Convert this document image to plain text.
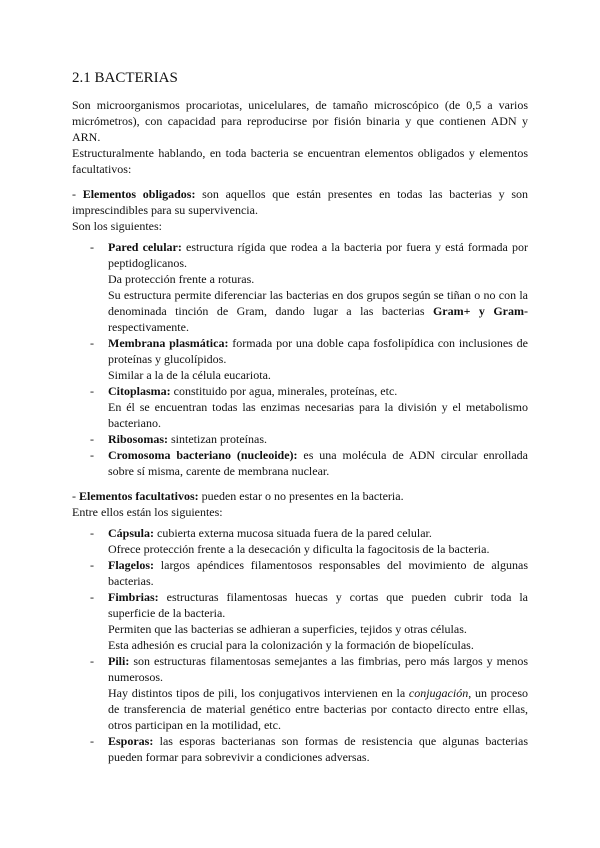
2.1 BACTERIAS

Son microorganismos procariotas, unicelulares, de tamaño microscópico (de 0,5 a varios micrómetros), con capacidad para reproducirse por fisión binaria y que contienen ADN y ARN.

Estructuralmente hablando, en toda bacteria se encuentran elementos obligados y elementos facultativos:

- Elementos obligados: son aquellos que están presentes en todas las bacterias y son imprescindibles para su supervivencia.

Son los siguientes:

- Pared celular: estructura rígida que rodea a la bacteria por fuera y está formada por peptidoglicanos.

Da protección frente a roturas.

Su estructura permite diferenciar las bacterias en dos grupos según se tiñan o no con la denominada tinción de Gram, dando lugar a las bacterias Gram+ y Gram- respectivamente.

- Membrana plasmática: formada por una doble capa fosfolipídica con inclusiones de proteínas y glucolípidos.

Similar a la de la célula eucariota.

- Citoplasma: constituido por agua, minerales, proteínas, etc.

En él se encuentran todas las enzimas necesarias para la división y el metabolismo bacteriano.

- Ribosomas: sintetizan proteínas.

- Cromosoma bacteriano (nucleoide): es una molécula de ADN circular enrollada sobre sí misma, carente de membrana nuclear.

- Elementos facultativos: pueden estar o no presentes en la bacteria.

Entre ellos están los siguientes:

- Cápsula: cubierta externa mucosa situada fuera de la pared celular.

Ofrece protección frente a la desecación y dificulta la fagocitosis de la bacteria.

- Flagelos: largos apéndices filamentosos responsables del movimiento de algunas bacterias.

- Fimbrias: estructuras filamentosas huecas y cortas que pueden cubrir toda la superficie de la bacteria.

Permiten que las bacterias se adhieran a superficies, tejidos y otras células.

Esta adhesión es crucial para la colonización y la formación de biopelículas.

- Pili: son estructuras filamentosas semejantes a las fimbrias, pero más largos y menos numerosos.

Hay distintos tipos de pili, los conjugativos intervienen en la conjugación, un proceso de transferencia de material genético entre bacterias por contacto directo entre ellas, otros participan en la motilidad, etc.

- Esporas: las esporas bacterianas son formas de resistencia que algunas bacterias pueden formar para sobrevivir a condiciones adversas.
